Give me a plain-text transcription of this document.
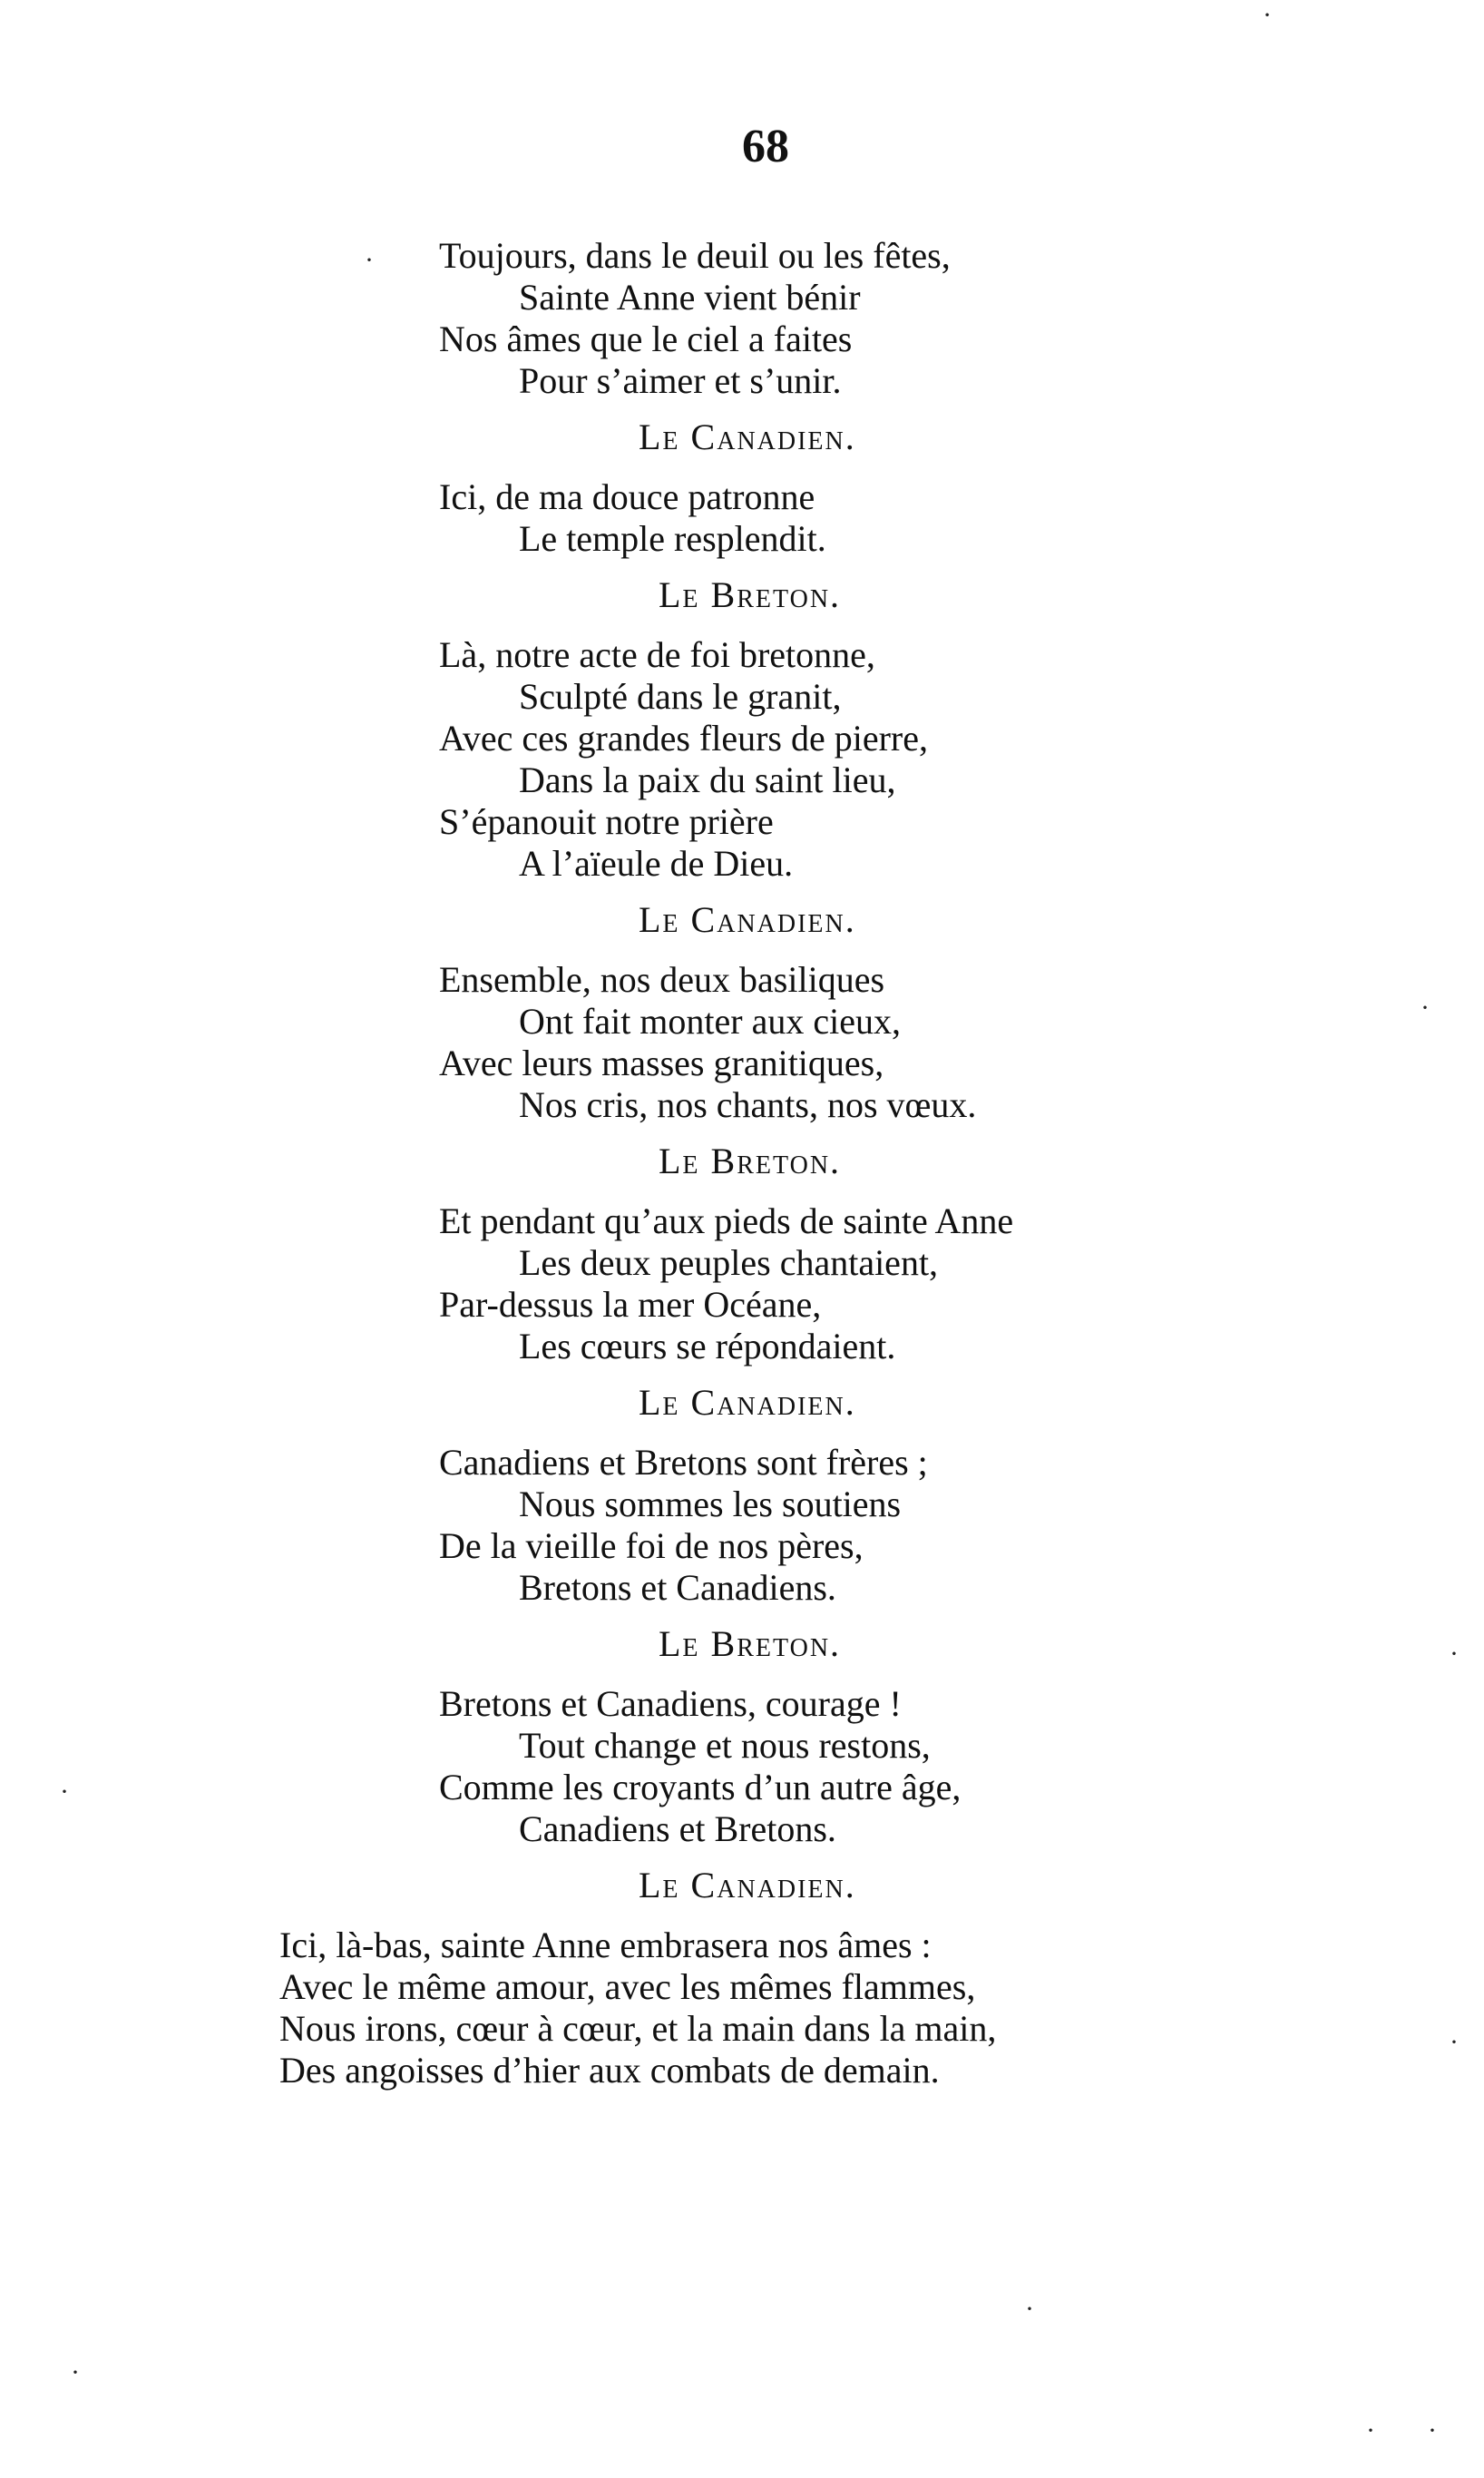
68
Toujours, dans le deuil ou les fêtes,
Sainte Anne vient bénir
Nos âmes que le ciel a faites
Pour s’aimer et s’unir.
Le Canadien.
Ici, de ma douce patronne
Le temple resplendit.
Le Breton.
Là, notre acte de foi bretonne,
Sculpté dans le granit,
Avec ces grandes fleurs de pierre,
Dans la paix du saint lieu,
S’épanouit notre prière
A l’aïeule de Dieu.
Le Canadien.
Ensemble, nos deux basiliques
Ont fait monter aux cieux,
Avec leurs masses granitiques,
Nos cris, nos chants, nos vœux.
Le Breton.
Et pendant qu’aux pieds de sainte Anne
Les deux peuples chantaient,
Par-dessus la mer Océane,
Les cœurs se répondaient.
Le Canadien.
Canadiens et Bretons sont frères ;
Nous sommes les soutiens
De la vieille foi de nos pères,
Bretons et Canadiens.
Le Breton.
Bretons et Canadiens, courage !
Tout change et nous restons,
Comme les croyants d’un autre âge,
Canadiens et Bretons.
Le Canadien.
Ici, là-bas, sainte Anne embrasera nos âmes :
Avec le même amour, avec les mêmes flammes,
Nous irons, cœur à cœur, et la main dans la main,
Des angoisses d’hier aux combats de demain.
·
·
·
·
·
·
·
·
· ·
